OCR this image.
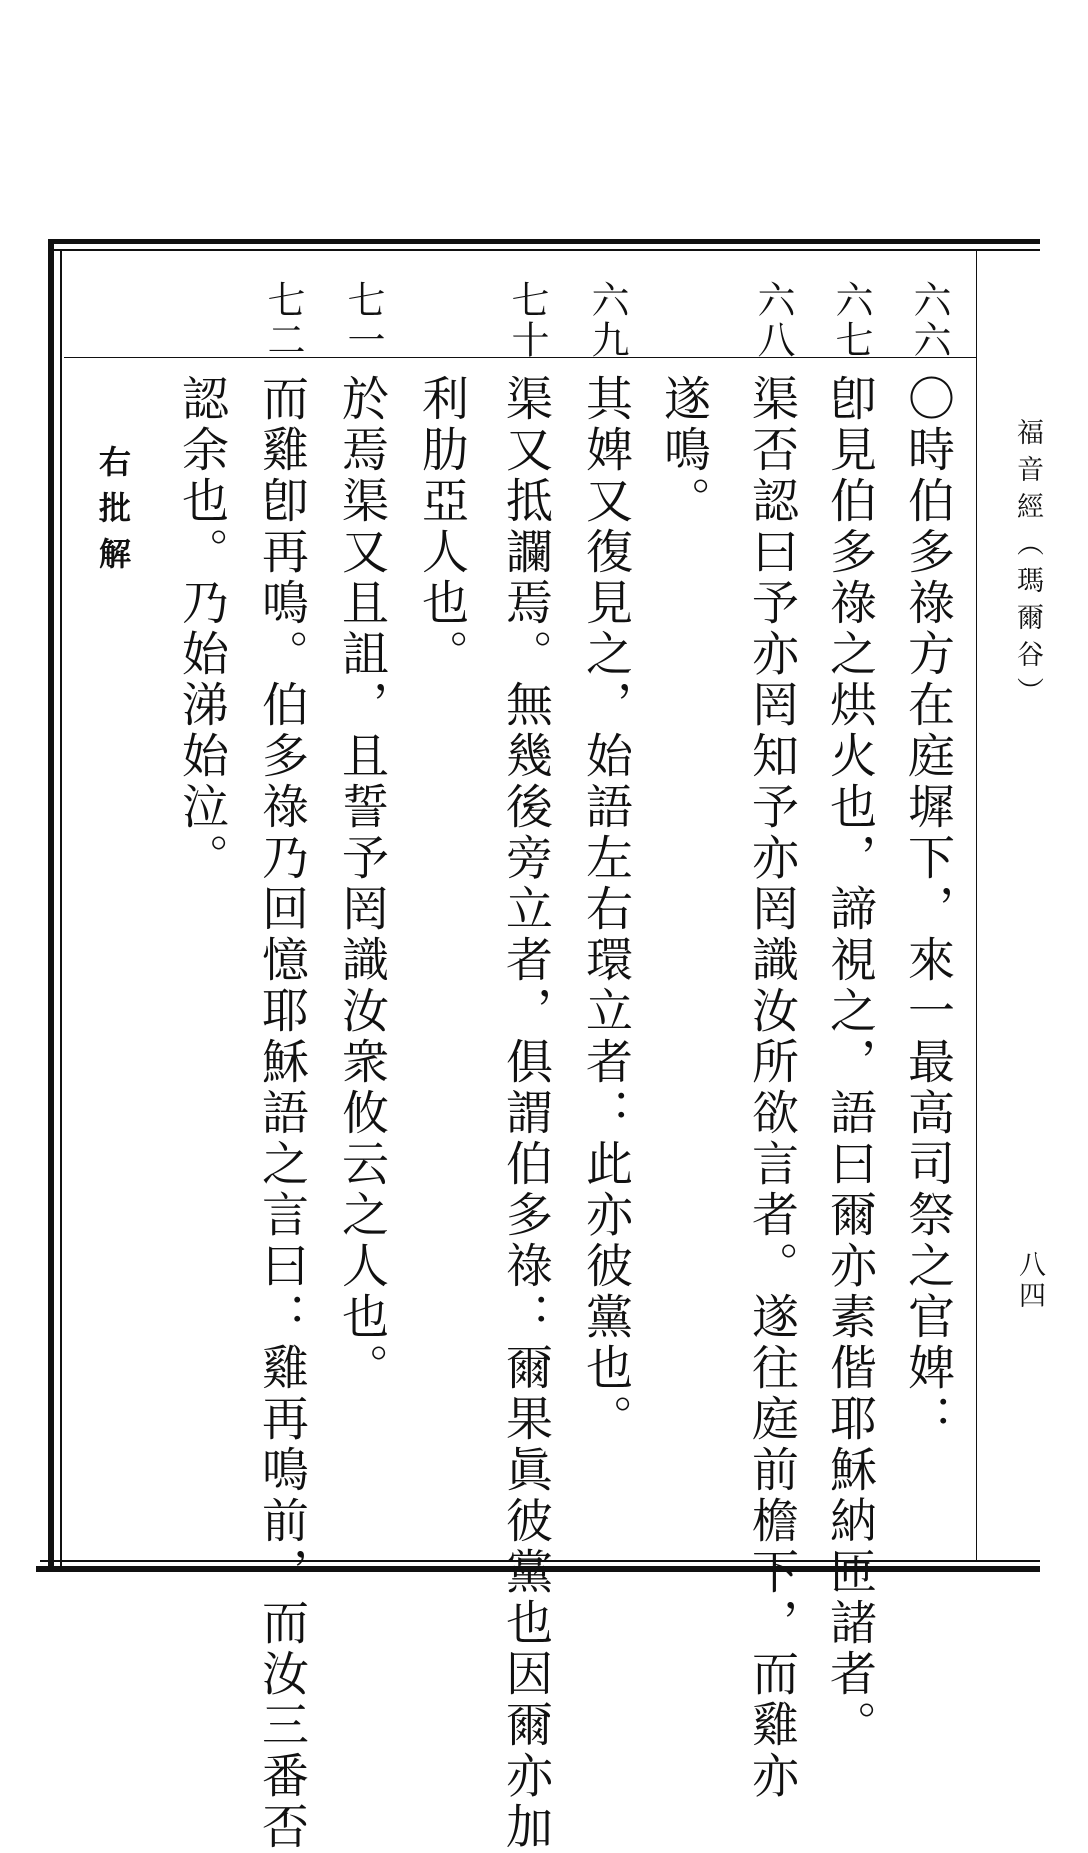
福音經（瑪爾谷）
八四
六六
〇時伯多祿方在庭墀下，來一最高司祭之官婢：
六七
卽見伯多祿之烘火也，諦視之，語曰爾亦素偕耶穌納匝諸者。
六八
渠否認曰予亦罔知予亦罔識汝所欲言者。遂往庭前檐下，而雞亦
遂鳴。
六九
其婢又復見之，始語左右環立者：此亦彼黨也。
七十
渠又抵讕焉。無幾後旁立者，俱謂伯多祿：爾果眞彼黨也因爾亦加
利肋亞人也。
七一
於焉渠又且詛，且誓予罔識汝衆攸云之人也。
七二
而雞卽再鳴。伯多祿乃回憶耶穌語之言曰：雞再鳴前，而汝三番否
認余也。乃始涕始泣。
右批解
